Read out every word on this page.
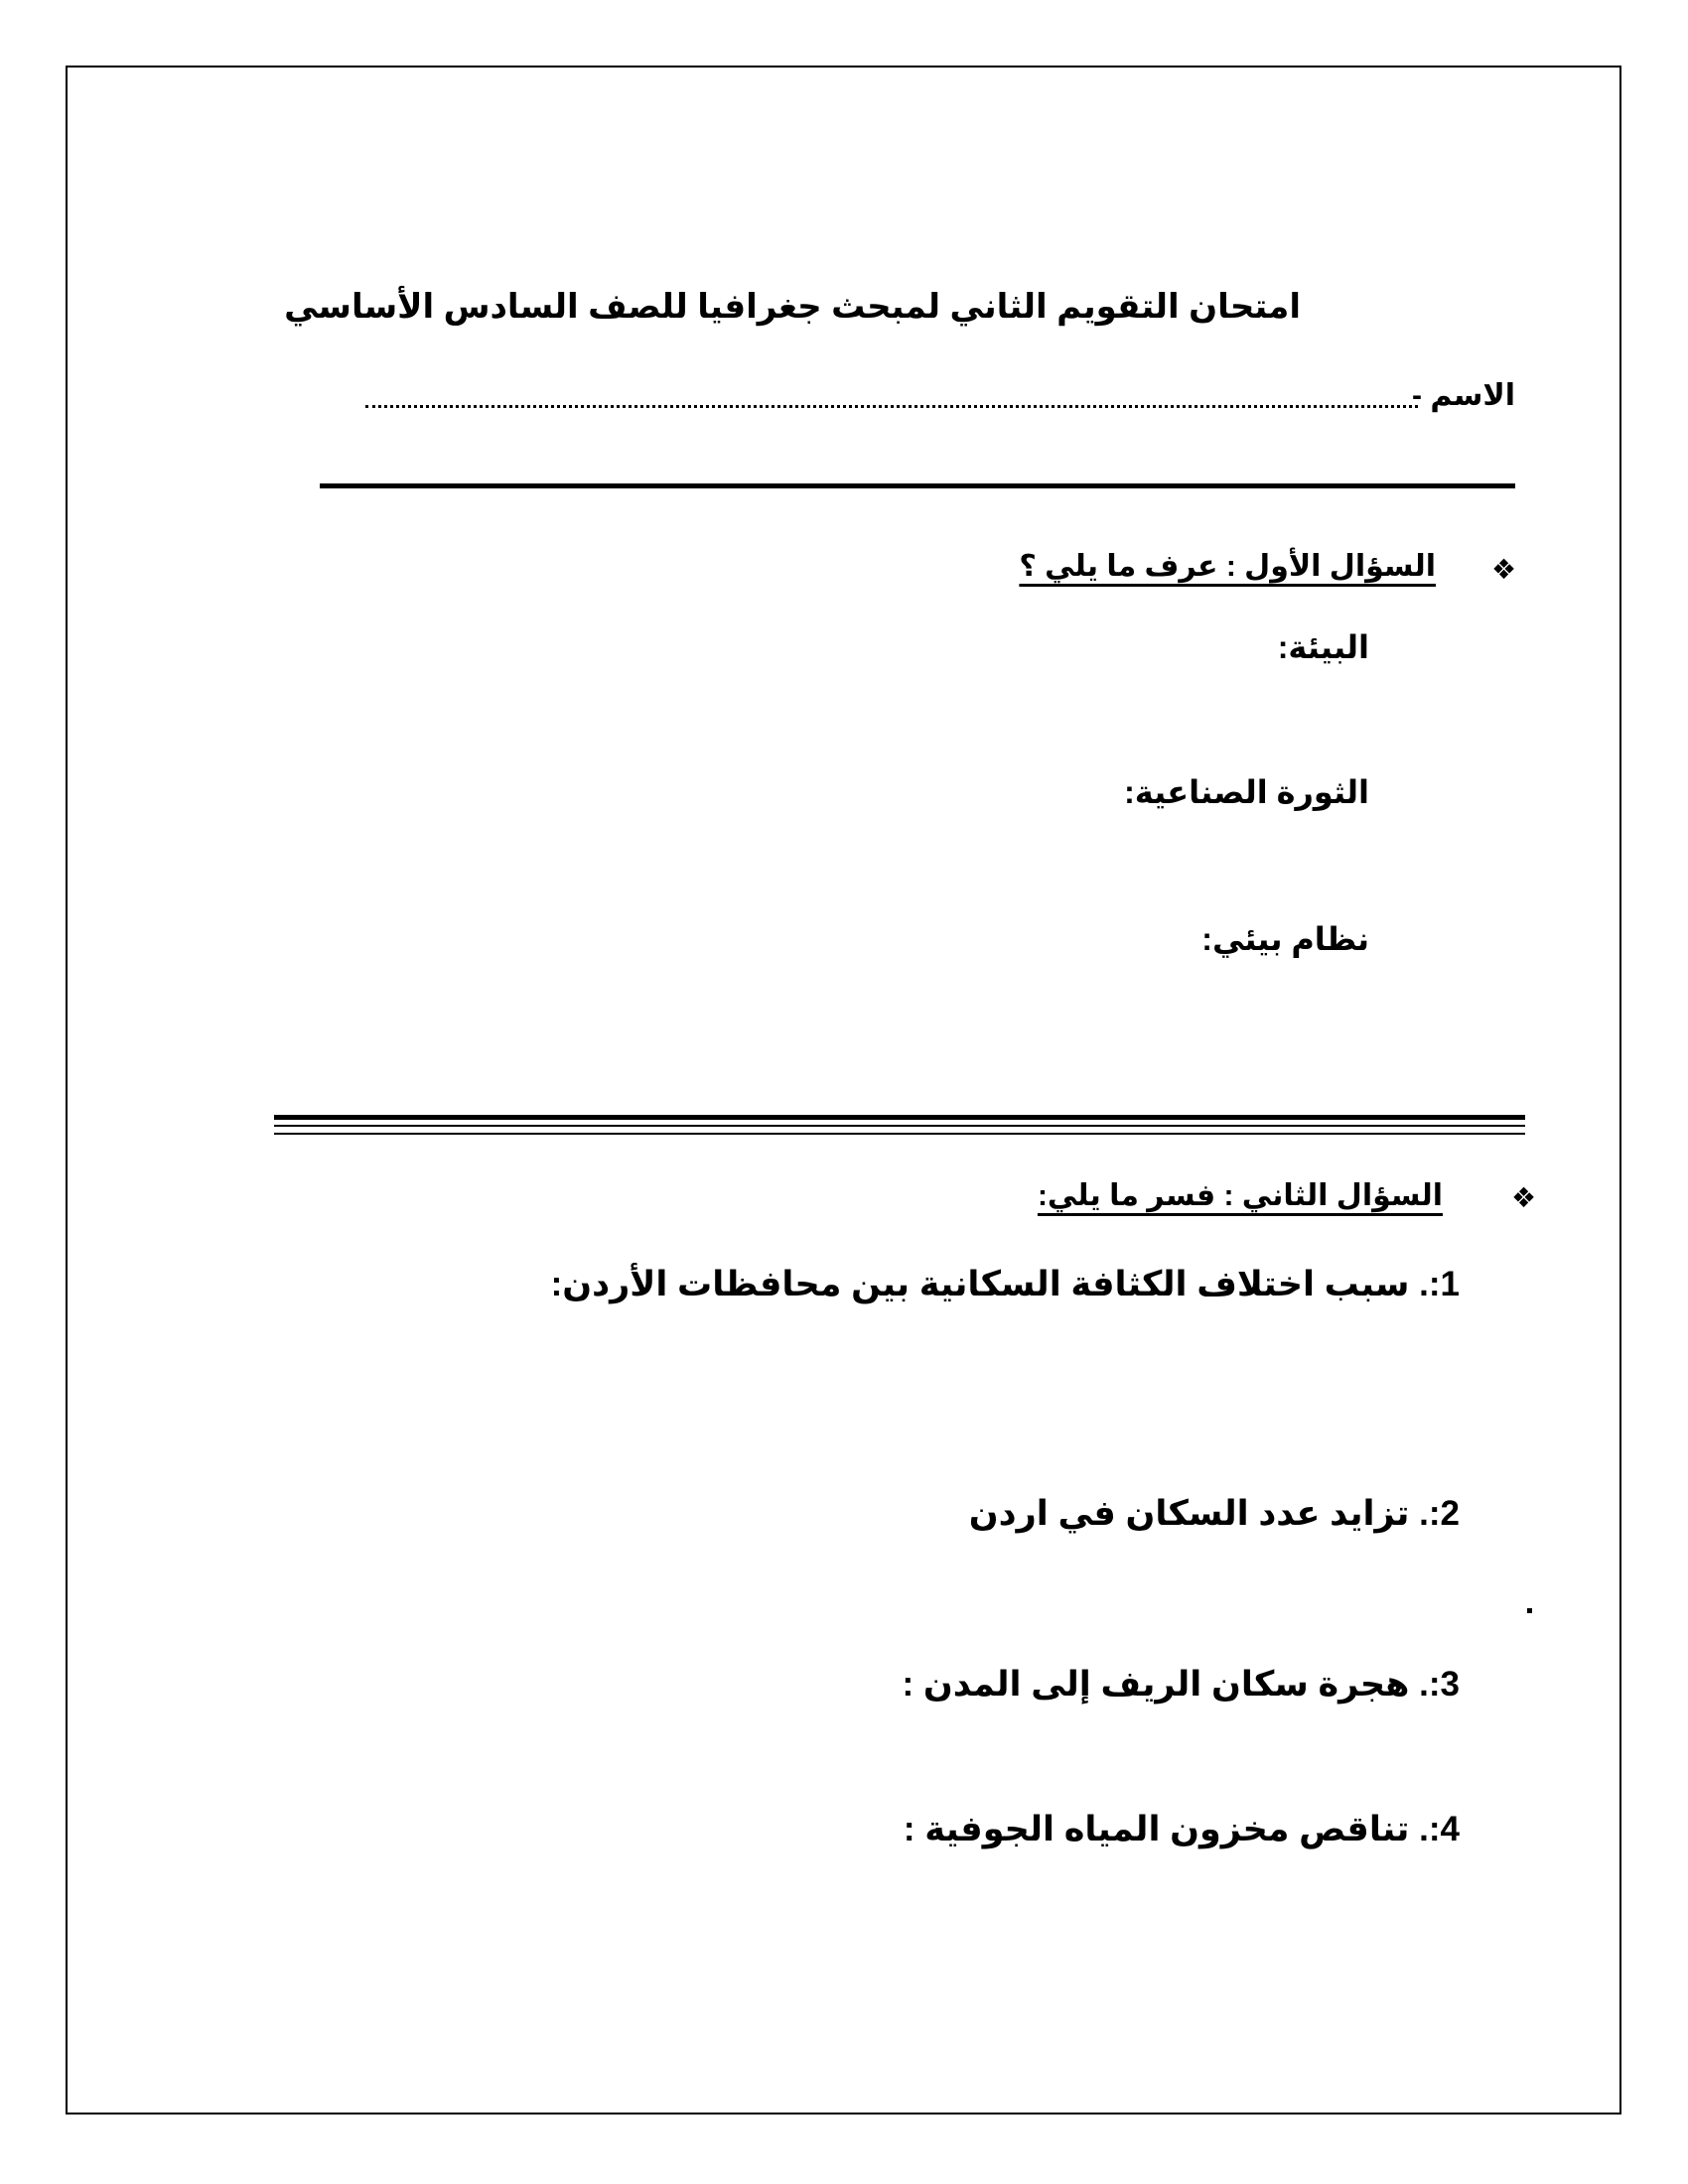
امتحان التقويم الثاني لمبحث جغرافيا للصف السادس الأساسي
الاسم -
❖
السؤال الأول : عرف ما يلي ؟
البيئة:
الثورة الصناعية:
نظام بيئي:
❖
السؤال الثاني : فسر ما يلي:
1:. سبب اختلاف الكثافة السكانية بين محافظات الأردن:
2:. تزايد عدد السكان في اردن
3:. هجرة سكان الريف إلى المدن :
4:. تناقص مخزون المياه الجوفية :
